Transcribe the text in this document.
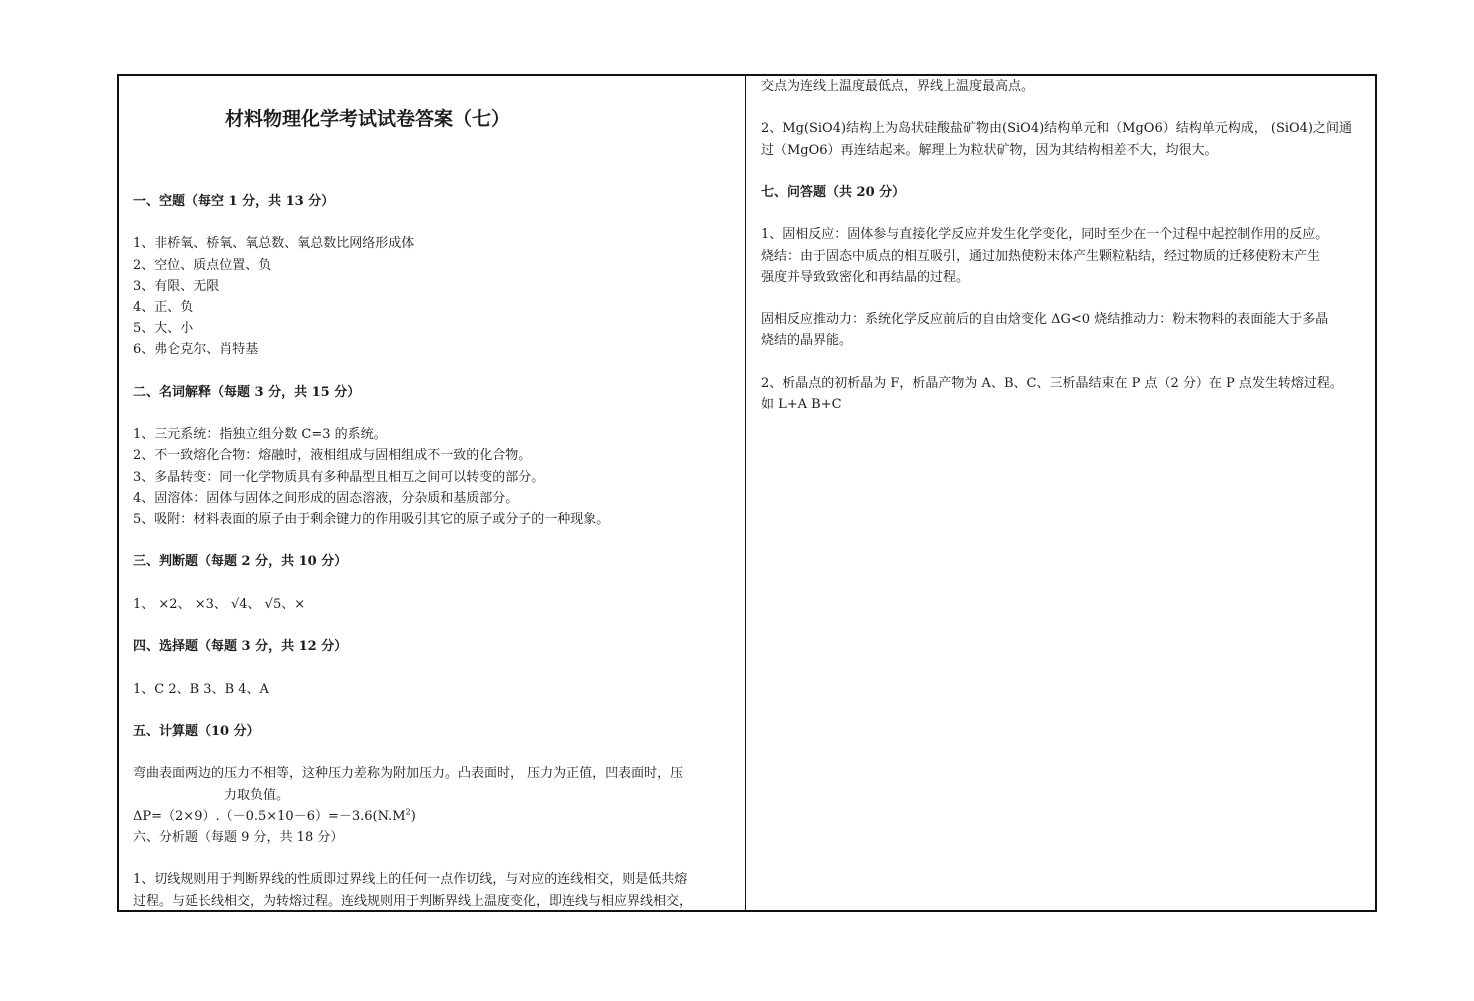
材料物理化学考试试卷答案（七）
一、空题（每空 1 分，共 13 分）
1、非桥氧、桥氧、氧总数、氧总数比网络形成体
2、空位、质点位置、负
3、有限、无限
4、正、负
5、大、小
6、弗仑克尔、肖特基
二、名词解释（每题 3 分，共 15 分）
1、三元系统：指独立组分数 C=3 的系统。
2、不一致熔化合物：熔融时，液相组成与固相组成不一致的化合物。
3、多晶转变：同一化学物质具有多种晶型且相互之间可以转变的部分。
4、固溶体：固体与固体之间形成的固态溶液，分杂质和基质部分。
5、吸附：材料表面的原子由于剩余键力的作用吸引其它的原子或分子的一种现象。
三、判断题（每题 2 分，共 10 分）
1、 ×2、 ×3、 √4、 √5、×
四、选择题（每题 3 分，共 12 分）
1、C 2、B 3、B 4、A
五、计算题（10 分）
弯曲表面两边的压力不相等，这种压力差称为附加压力。凸表面时， 压力为正值，凹表面时，压
力取负值。
$\Delta P=(2\times 9).(-0.5\times 10-6)=-3.6(N.M^2)$
六、分析题（每题 9 分，共 18 分）
1、切线规则用于判断界线的性质即过界线上的任何一点作切线，与对应的连线相交，则是低共熔
过程。与延长线相交，为转熔过程。连线规则用于判断界线上温度变化，即连线与相应界线相交，
交点为连线上温度最低点，界线上温度最高点。
2、Mg(SiO4)结构上为岛状硅酸盐矿物由(SiO4)结构单元和（MgO6）结构单元构成， (SiO4)之间通
过（MgO6）再连结起来。解理上为粒状矿物，因为其结构相差不大，均很大。
七、问答题（共 20 分）
1、固相反应：固体参与直接化学反应并发生化学变化，同时至少在一个过程中起控制作用的反应。
烧结：由于固态中质点的相互吸引，通过加热使粉末体产生颗粒粘结，经过物质的迁移使粉末产生
强度并导致致密化和再结晶的过程。
固相反应推动力：系统化学反应前后的自由焓变化 ΔG<0 烧结推动力：粉末物料的表面能大于多晶
烧结的晶界能。
2、析晶点的初析晶为 F，析晶产物为 A、B、C、三析晶结束在 P 点（2 分）在 P 点发生转熔过程。
如 L+A B+C
